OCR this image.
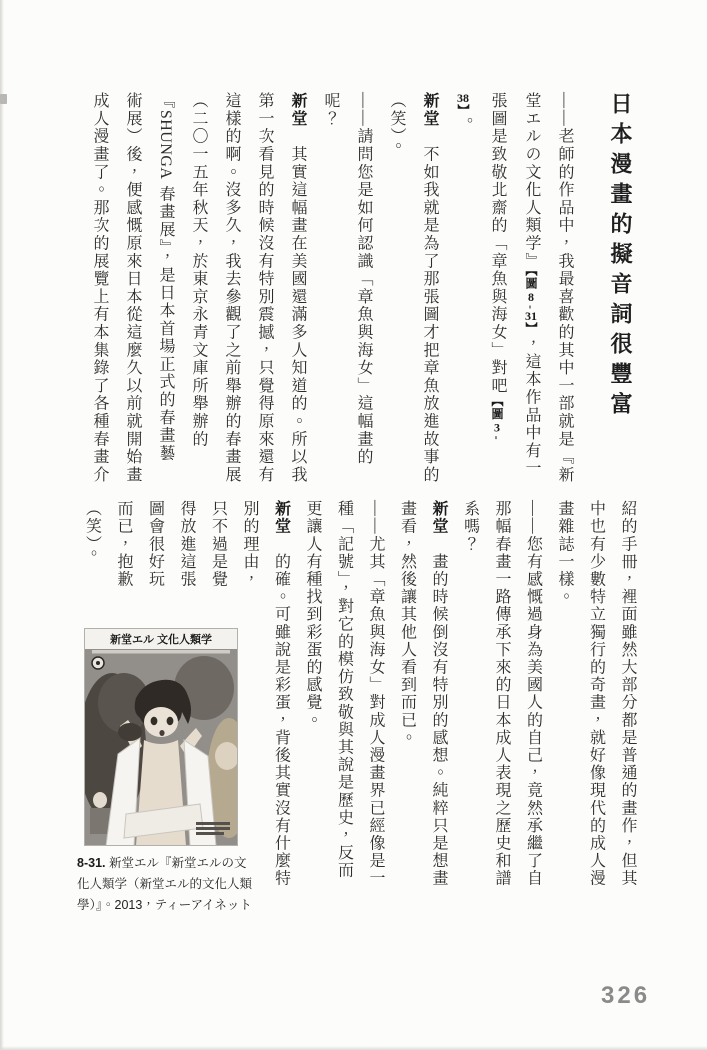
日本漫畫的擬音詞很豐富
——老師的作品中，我最喜歡的其中一部就是『新
堂エルの文化人類学』【圖8-31】，這本作品中有一
張圖是致敬北齋的「章魚與海女」對吧【圖3-
38】。
新堂　不如我就是為了那張圖才把章魚放進故事的
（笑）。
——請問您是如何認識「章魚與海女」這幅畫的
呢？
新堂　其實這幅畫在美國還滿多人知道的。所以我
第一次看見的時候沒有特別震撼，只覺得原來還有
這樣的啊。沒多久，我去參觀了之前舉辦的春畫展
（二〇一五年秋天，於東京永青文庫所舉辦的
『SHUNGA 春畫展』，是日本首場正式的春畫藝
術展）後，便感慨原來日本從這麼久以前就開始畫
成人漫畫了。那次的展覽上有本集錄了各種春畫介
紹的手冊，裡面雖然大部分都是普通的畫作，但其
中也有少數特立獨行的奇畫，就好像現代的成人漫
畫雜誌一樣。
——您有感慨過身為美國人的自己，竟然承繼了自
那幅春畫一路傳承下來的日本成人表現之歷史和譜
系嗎？
新堂　畫的時候倒沒有特別的感想。純粹只是想畫
畫看，然後讓其他人看到而已。
——尤其「章魚與海女」對成人漫畫界已經像是一
種「記號」，對它的模仿致敬與其說是歷史，反而
更讓人有種找到彩蛋的感覺。
新堂　的確。可雖說是彩蛋，背後其實沒有什麼特
別的理由，
只不過是覺
得放進這張
圖會很好玩
而已，抱歉
（笑）。
新堂エル 文化人類学
8-31. 新堂エル『新堂エルの文
化人類学（新堂エル的文化人類
學）』。2013，ティーアイネット
326
